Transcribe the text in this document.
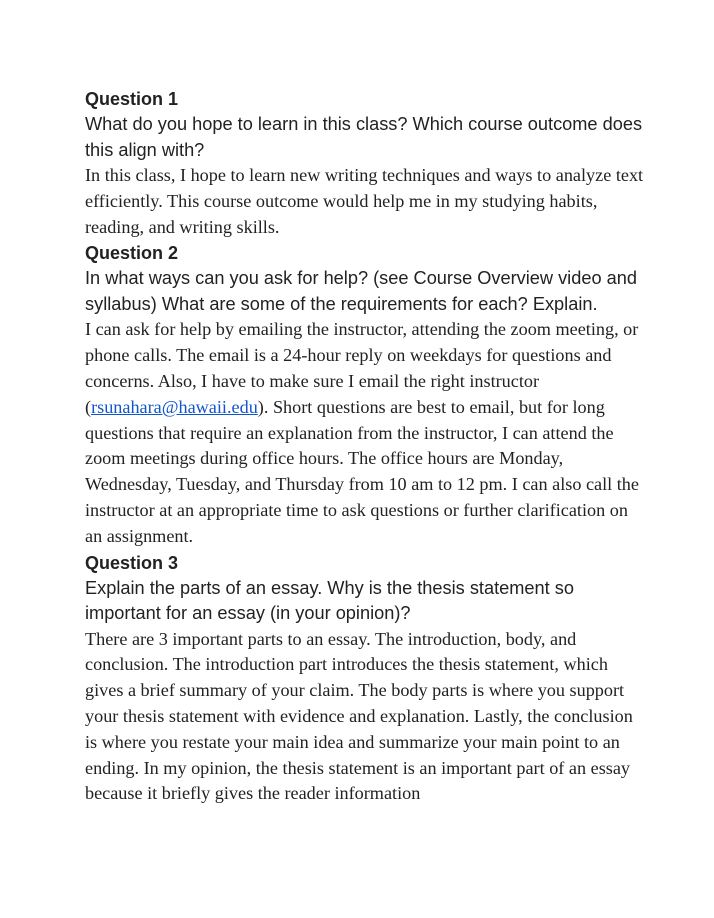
Question 1

What do you hope to learn in this class? Which course outcome does this align with?

In this class, I hope to learn new writing techniques and ways to analyze text efficiently. This course outcome would help me in my studying habits, reading, and writing skills.

Question 2

In what ways can you ask for help? (see Course Overview video and syllabus) What are some of the requirements for each? Explain.

I can ask for help by emailing the instructor, attending the zoom meeting, or phone calls. The email is a 24-hour reply on weekdays for questions and concerns. Also, I have to make sure I email the right instructor (rsunahara@hawaii.edu). Short questions are best to email, but for long questions that require an explanation from the instructor, I can attend the zoom meetings during office hours. The office hours are Monday, Wednesday, Tuesday, and Thursday from 10 am to 12 pm. I can also call the instructor at an appropriate time to ask questions or further clarification on an assignment.

Question 3

Explain the parts of an essay. Why is the thesis statement so important for an essay (in your opinion)?

There are 3 important parts to an essay. The introduction, body, and conclusion. The introduction part introduces the thesis statement, which gives a brief summary of your claim. The body parts is where you support your thesis statement with evidence and explanation. Lastly, the conclusion is where you restate your main idea and summarize your main point to an ending. In my opinion, the thesis statement is an important part of an essay because it briefly gives the reader information
